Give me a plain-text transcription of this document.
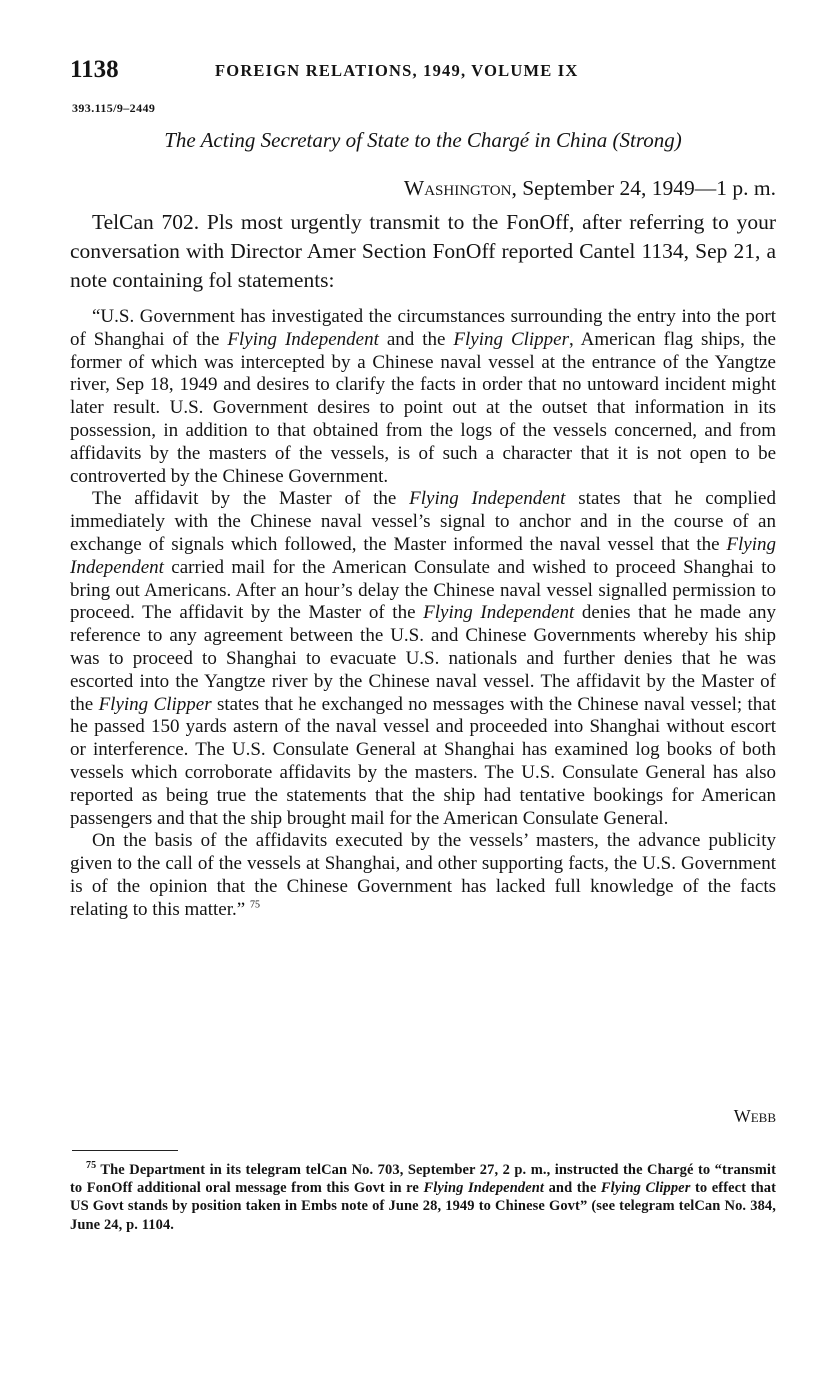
1138	FOREIGN RELATIONS, 1949, VOLUME IX
393.115/9–2449
The Acting Secretary of State to the Chargé in China (Strong)
Washington, September 24, 1949—1 p. m.

TelCan 702. Pls most urgently transmit to the FonOff, after referring to your conversation with Director Amer Section FonOff reported Cantel 1134, Sep 21, a note containing fol statements:

“U.S. Government has investigated the circumstances surrounding the entry into the port of Shanghai of the Flying Independent and the Flying Clipper, American flag ships, the former of which was intercepted by a Chinese naval vessel at the entrance of the Yangtze river, Sep 18, 1949 and desires to clarify the facts in order that no untoward incident might later result. U.S. Government desires to point out at the outset that information in its possession, in addition to that obtained from the logs of the vessels concerned, and from affidavits by the masters of the vessels, is of such a character that it is not open to be controverted by the Chinese Government.

The affidavit by the Master of the Flying Independent states that he complied immediately with the Chinese naval vessel’s signal to anchor and in the course of an exchange of signals which followed, the Master informed the naval vessel that the Flying Independent carried mail for the American Consulate and wished to proceed Shanghai to bring out Americans. After an hour’s delay the Chinese naval vessel signalled permission to proceed. The affidavit by the Master of the Flying Independent denies that he made any reference to any agreement between the U.S. and Chinese Governments whereby his ship was to proceed to Shanghai to evacuate U.S. nationals and further denies that he was escorted into the Yangtze river by the Chinese naval vessel. The affidavit by the Master of the Flying Clipper states that he exchanged no messages with the Chinese naval vessel; that he passed 150 yards astern of the naval vessel and proceeded into Shanghai without escort or interference. The U.S. Consulate General at Shanghai has examined log books of both vessels which corroborate affidavits by the masters. The U.S. Consulate General has also reported as being true the statements that the ship had tentative bookings for American passengers and that the ship brought mail for the American Consulate General.

On the basis of the affidavits executed by the vessels’ masters, the advance publicity given to the call of the vessels at Shanghai, and other supporting facts, the U.S. Government is of the opinion that the Chinese Government has lacked full knowledge of the facts relating to this matter.” $^{75}$

Webb

$^{75}$ The Department in its telegram telCan No. 703, September 27, 2 p. m., instructed the Chargé to “transmit to FonOff additional oral message from this Govt in re Flying Independent and the Flying Clipper to effect that US Govt stands by position taken in Embs note of June 28, 1949 to Chinese Govt” (see telegram telCan No. 384, June 24, p. 1104.
